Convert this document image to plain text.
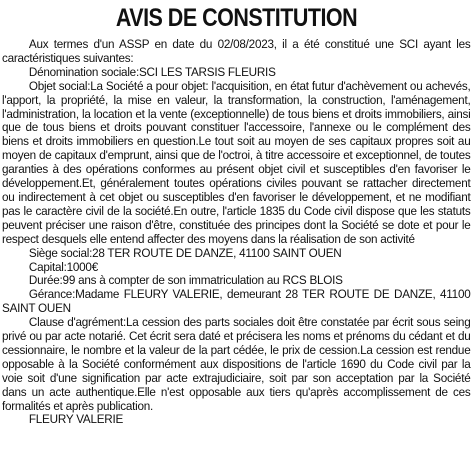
AVIS DE CONSTITUTION

Aux termes d'un ASSP en date du 02/08/2023, il a été constitué une SCI ayant les caractéristiques suivantes:

Dénomination sociale:SCI LES TARSIS FLEURIS

Objet social:La Société a pour objet: l'acquisition, en état futur d'achèvement ou achevés, l'apport, la propriété, la mise en valeur, la transformation, la construction, l'aménagement, l'administration, la location et la vente (exceptionnelle) de tous biens et droits immobiliers, ainsi que de tous biens et droits pouvant constituer l'accessoire, l'annexe ou le complément des biens et droits immobiliers en question.Le tout soit au moyen de ses capitaux propres soit au moyen de capitaux d'emprunt, ainsi que de l'octroi, à titre accessoire et exceptionnel, de toutes garanties à des opérations conformes au présent objet civil et susceptibles d'en favoriser le développement.Et, généralement toutes opérations civiles pouvant se rattacher directement ou indirectement à cet objet ou susceptibles d'en favoriser le développement, et ne modifiant pas le caractère civil de la société.En outre, l'article 1835 du Code civil dispose que les statuts peuvent préciser une raison d'être, constituée des principes dont la Société se dote et pour le respect desquels elle entend affecter des moyens dans la réalisation de son activité

Siège social:28 TER ROUTE DE DANZE, 41100 SAINT OUEN

Capital:1000€

Durée:99 ans à compter de son immatriculation au RCS BLOIS

Gérance:Madame FLEURY VALERIE, demeurant 28 TER ROUTE DE DANZE, 41100 SAINT OUEN

Clause d'agrément:La cession des parts sociales doit être constatée par écrit sous seing privé ou par acte notarié. Cet écrit sera daté et précisera les noms et prénoms du cédant et du cessionnaire, le nombre et la valeur de la part cédée, le prix de cession.La cession est rendue opposable à la Société conformément aux dispositions de l'article 1690 du Code civil par la voie soit d'une signification par acte extrajudiciaire, soit par son acceptation par la Société dans un acte authentique.Elle n'est opposable aux tiers qu'après accomplissement de ces formalités et après publication.

FLEURY VALERIE
